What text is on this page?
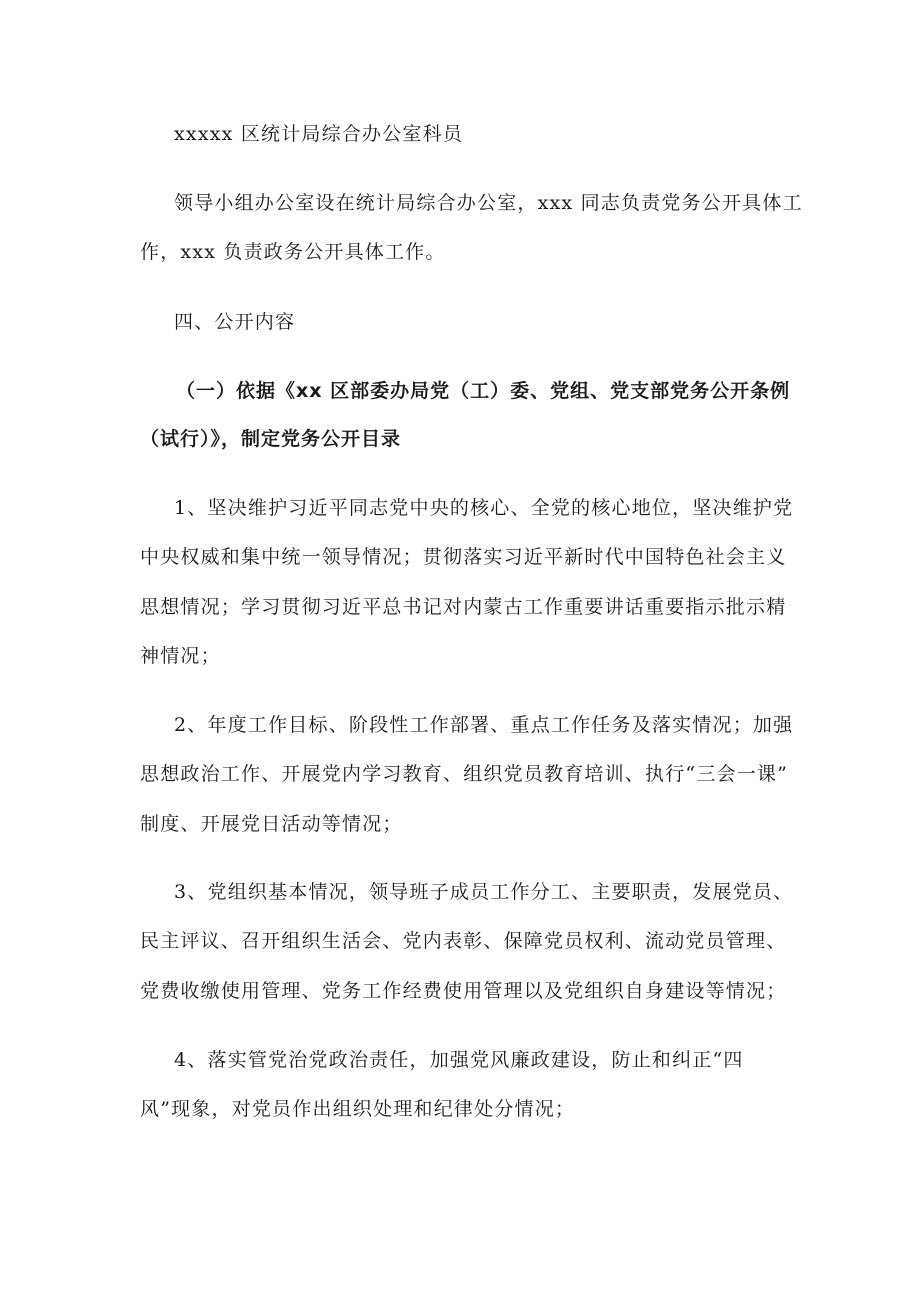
xxxxx 区统计局综合办公室科员
领导小组办公室设在统计局综合办公室，xxx 同志负责党务公开具体工
作，xxx 负责政务公开具体工作。
四、公开内容
（一）依据《xx 区部委办局党（工）委、党组、党支部党务公开条例
（试行）》，制定党务公开目录
1、坚决维护习近平同志党中央的核心、全党的核心地位，坚决维护党
中央权威和集中统一领导情况；贯彻落实习近平新时代中国特色社会主义
思想情况；学习贯彻习近平总书记对内蒙古工作重要讲话重要指示批示精
神情况；
2、年度工作目标、阶段性工作部署、重点工作任务及落实情况；加强
思想政治工作、开展党内学习教育、组织党员教育培训、执行“三会一课”
制度、开展党日活动等情况；
3、党组织基本情况，领导班子成员工作分工、主要职责，发展党员、
民主评议、召开组织生活会、党内表彰、保障党员权利、流动党员管理、
党费收缴使用管理、党务工作经费使用管理以及党组织自身建设等情况；
4、落实管党治党政治责任，加强党风廉政建设，防止和纠正“四
风”现象，对党员作出组织处理和纪律处分情况；
